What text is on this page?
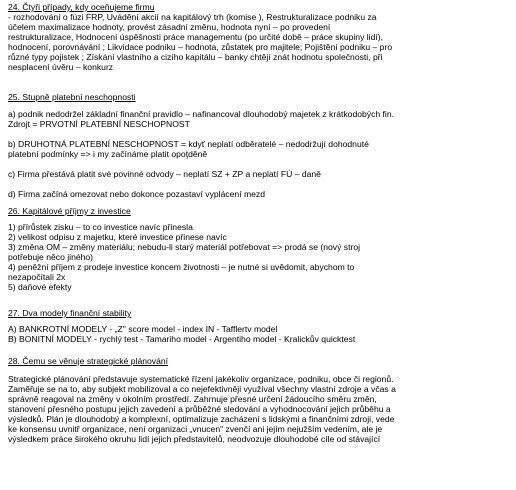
24. Čtyři případy, kdy oceňujeme firmu
- rozhodování o fúzi FRP, Uvádění akcií na kapitálový trh (komise ), Restrukturalizace podniku za
účelem maximalizace hodnoty, provést zásadní změnu, hodnota nyní – po provedení
restrukturalizace, Hodnocení úspěšnosti práce managementu (po určité době – práce skupiny lidí),
hodnocení, porovnávání ; Likvidace podniku – hodnota, zůstatek pro majitele; Pojištění podniku – pro
různé typy pojistek ; Získání vlastního a cizího kapitálu – banky chtějí znát hodnotu společnosti, při
nesplacení úvěru – konkurz
25. Stupně platební neschopnosti
a) podnik nedodržel základní finanční pravidlo – nafinancoval dlouhodobý majetek z krátkodobých fin.
Zdrojt = PRVOTNÍ PLATEBNÍ NESCHOPNOST
b) DRUHOTNÁ PLATEBNÍ NESCHOPNOST = kdyť neplatí odběratelé – nedodržují dohodnuté
platební podmínky => i my začínáme platit opoţděně
c) Firma přestává platit své povinné odvody – neplatí SZ + ZP a neplatí FÚ – daně
d) Firma začíná omezovat nebo dokonce pozastaví vyplácení mezd
26. Kapitálové příjmy z investice
1) přírůstek zisku – to co investice navíc přinesla
2) velikost odpisu z majetku, které investice přinese navíc
3) změna OM – změny materiálu; nebudu-li starý materiál potřebovat => prodá se (nový stroj
potřebuje něco jiného)
4) peněžní příjem z prodeje investice koncem životnosti – je nutné si uvědomit, abychom to
nezapočítali 2x
5) daňové efekty
27. Dva modely finanční stability
A) BANKROTNÍ MODELY - „Z" score model - index IN - Tafflertv model
B) BONITNÍ MODELY - rychlý test - Tamariho model - Argentiho model - Kralickův quicktest
28. Čemu se věnuje strategické plánování
Strategické plánování představuje systematické řízení jakékoliv organizace, podniku, obce či regionů.
Zaměřuje se na to, aby subjekt mobilizoval a co nejefektivněji využíval všechny vlastní zdroje a včas a
správně reagoval na změny v okolním prostředí. Zahrnuje přesné určení žádoucího směru změn,
stanovení přesného postupu jejich zavedení a průběžné sledování a vyhodnocování jejich průběhu a
výsledků. Plán je dlouhodobý a komplexní, optimalizuje zacházení s lidskými a finančními zdroji, vede
ke konsensu uvnitř organizace, není organizaci „vnucen" zvenčí ani jejím nejužším vedením, ale je
výsledkem práce širokého okruhu lidí jejich představitelů, neodvozuje dlouhodobé cíle od stávající
